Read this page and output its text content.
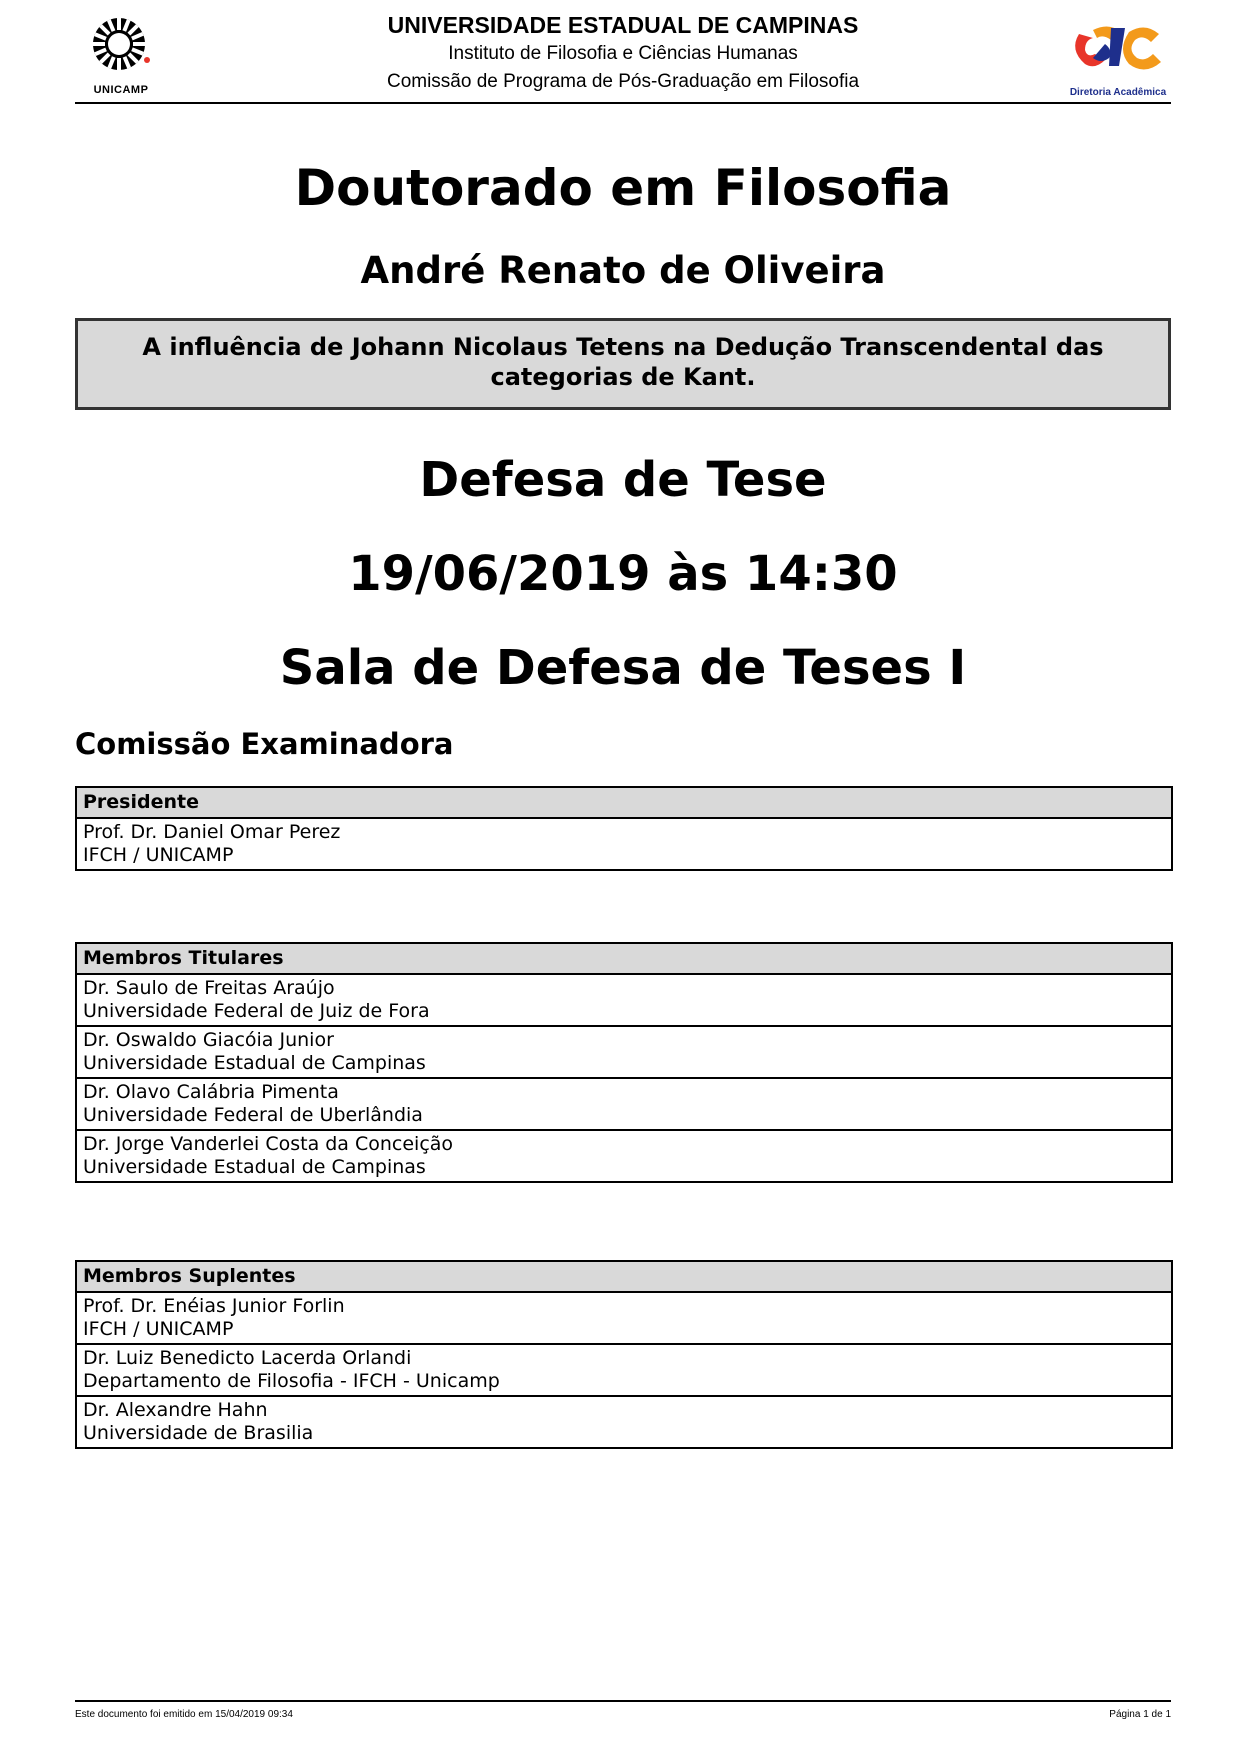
UNICAMP
UNIVERSIDADE ESTADUAL DE CAMPINAS
Instituto de Filosofia e Ciências Humanas
Comissão de Programa de Pós-Graduação em Filosofia
Diretoria Acadêmica
Doutorado em Filosofia
André Renato de Oliveira
A influência de Johann Nicolaus Tetens na Dedução Transcendental das categorias de Kant.
Defesa de Tese
19/06/2019 às 14:30
Sala de Defesa de Teses I
Comissão Examinadora
Presidente
Prof. Dr. Daniel Omar Perez
IFCH / UNICAMP
Membros Titulares
Dr. Saulo de Freitas Araújo
Universidade Federal de Juiz de Fora
Dr. Oswaldo Giacóia Junior
Universidade Estadual de Campinas
Dr. Olavo Calábria Pimenta
Universidade Federal de Uberlândia
Dr. Jorge Vanderlei Costa da Conceição
Universidade Estadual de Campinas
Membros Suplentes
Prof. Dr. Enéias Junior Forlin
IFCH / UNICAMP
Dr. Luiz Benedicto Lacerda Orlandi
Departamento de Filosofia - IFCH - Unicamp
Dr. Alexandre Hahn
Universidade de Brasilia
Este documento foi emitido em 15/04/2019 09:34	Página 1 de 1
